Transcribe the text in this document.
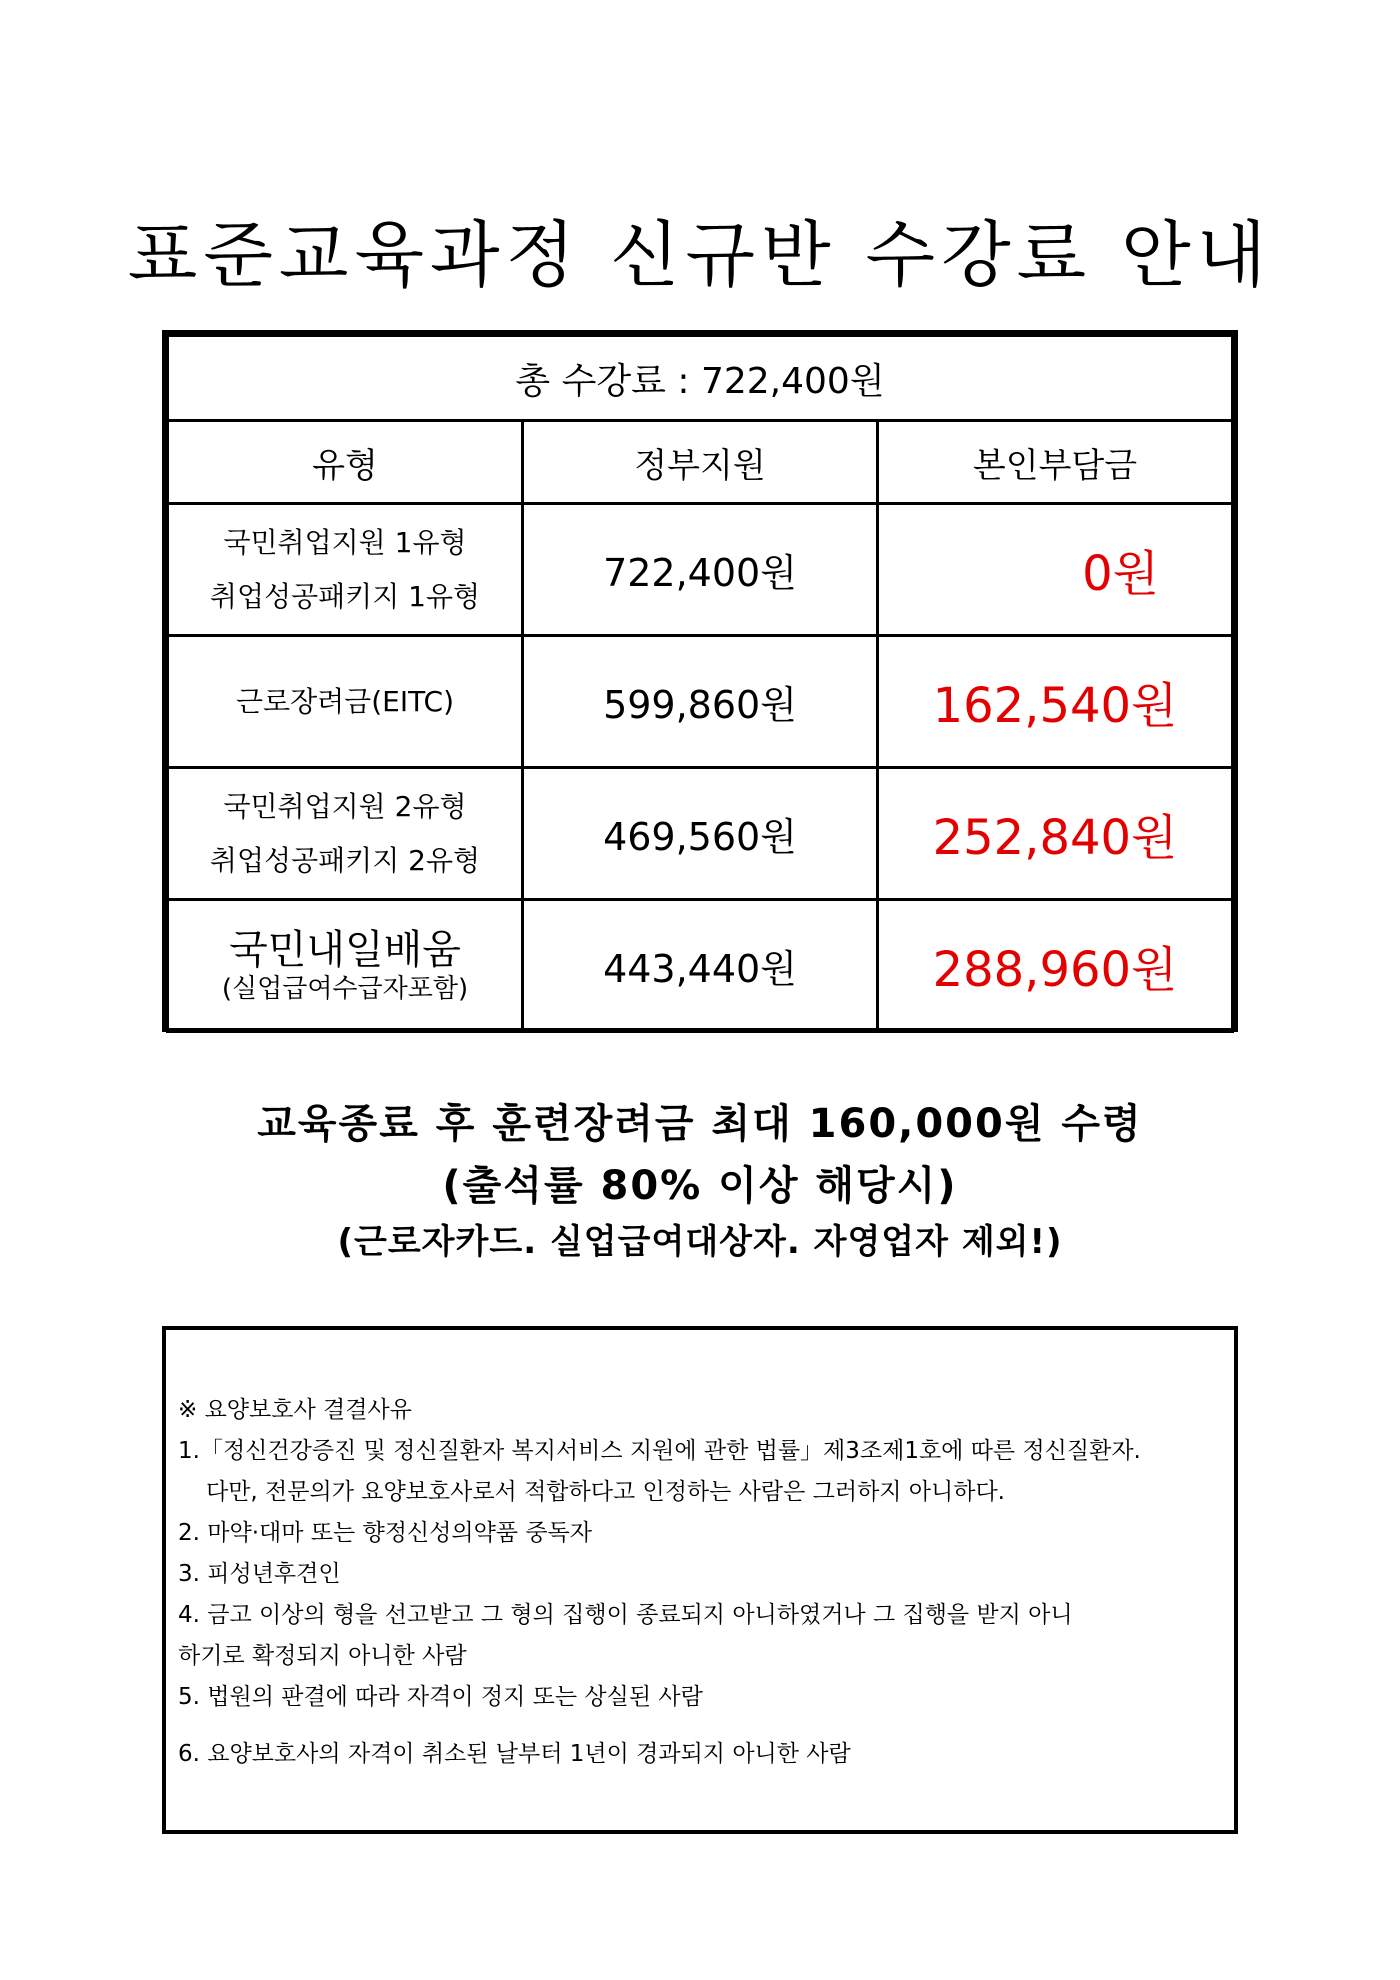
표준교육과정 신규반 수강료 안내
총 수강료 : 722,400원		
유형	정부지원	본인부담금

국민취업지원 1유형
취업성공패키지 1유형	722,400원	0원

근로장려금(EITC)	599,860원	162,540원

국민취업지원 2유형
취업성공패키지 2유형	469,560원	252,840원

국민내일배움
(실업급여수급자포함)	443,440원	288,960원
교육종료 후 훈련장려금 최대 160,000원 수령
(출석률 80% 이상 해당시)
(근로자카드. 실업급여대상자. 자영업자 제외!)
※ 요양보호사 결결사유
1.「정신건강증진 및 정신질환자 복지서비스 지원에 관한 법률」제3조제1호에 따른 정신질환자.
다만, 전문의가 요양보호사로서 적합하다고 인정하는 사람은 그러하지 아니하다.
2. 마약·대마 또는 향정신성의약품 중독자
3. 피성년후견인
4. 금고 이상의 형을 선고받고 그 형의 집행이 종료되지 아니하였거나 그 집행을 받지 아니
하기로 확정되지 아니한 사람
5. 법원의 판결에 따라 자격이 정지 또는 상실된 사람
6. 요양보호사의 자격이 취소된 날부터 1년이 경과되지 아니한 사람
